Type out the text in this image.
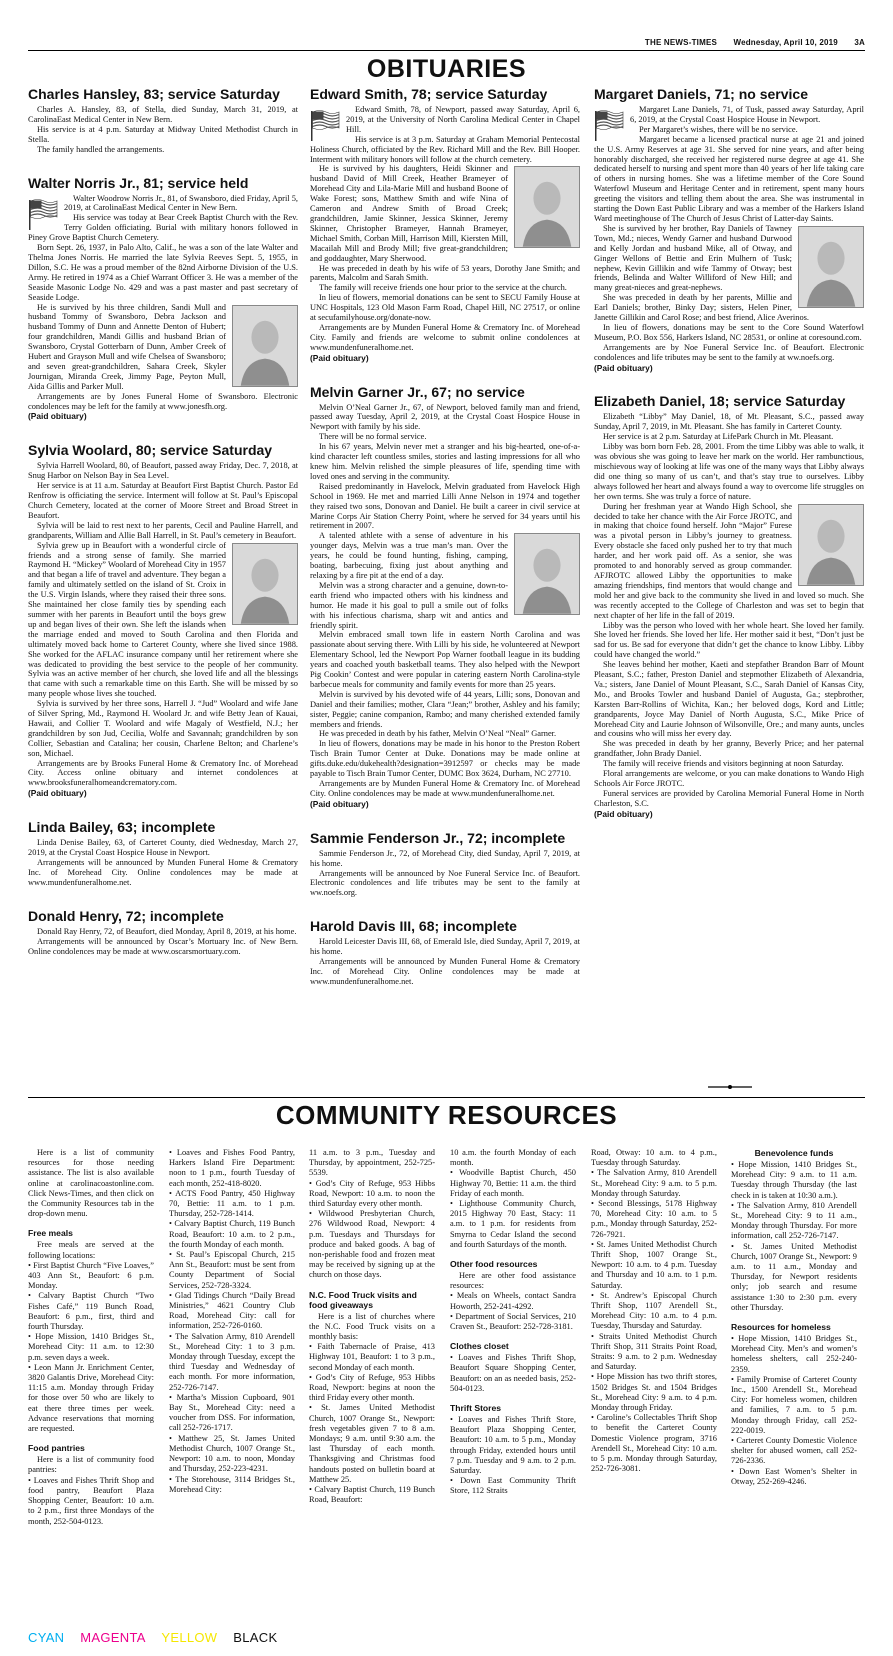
THE NEWS-TIMES Wednesday, April 10, 2019 3A
OBITUARIES
Charles Hansley, 83; service Saturday

Charles A. Hansley, 83, of Stella, died Sunday, March 31, 2019, at CarolinaEast Medical Center in New Bern.

His service is at 4 p.m. Saturday at Midway United Methodist Church in Stella.

The family handled the arrangements.

Walter Norris Jr., 81; service held

Walter Woodrow Norris Jr., 81, of Swansboro, died Friday, April 5, 2019, at CarolinaEast Medical Center in New Bern.

His service was today at Bear Creek Baptist Church with the Rev. Terry Golden officiating. Burial with military honors followed in Piney Grove Baptist Church Cemetery.

Born Sept. 26, 1937, in Palo Alto, Calif., he was a son of the late Walter and Thelma Jones Norris. He married the late Sylvia Reeves Sept. 5, 1955, in Dillon, S.C. He was a proud member of the 82nd Airborne Division of the U.S. Army. He retired in 1974 as a Chief Warrant Officer 3. He was a member of the Seaside Masonic Lodge No. 429 and was a past master and past secretary of Seaside Lodge.

He is survived by his three children, Sandi Mull and husband Tommy of Swansboro, Debra Jackson and husband Tommy of Dunn and Annette Denton of Hubert; four grandchildren, Mandi Gillis and husband Brian of Swansboro, Crystal Gotterbarn of Dunn, Amber Creek of Hubert and Grayson Mull and wife Chelsea of Swansboro; and seven great-grandchildren, Sahara Creek, Skyler Journigan, Miranda Creek, Jimmy Page, Peyton Mull, Aida Gillis and Parker Mull.

Arrangements are by Jones Funeral Home of Swansboro. Electronic condolences may be left for the family at www.jonesfh.org.

(Paid obituary)

Sylvia Woolard, 80; service Saturday

Sylvia Harrell Woolard, 80, of Beaufort, passed away Friday, Dec. 7, 2018, at Snug Harbor on Nelson Bay in Sea Level.

Her service is at 11 a.m. Saturday at Beaufort First Baptist Church. Pastor Ed Renfrow is officiating the service. Interment will follow at St. Paul’s Episcopal Church Cemetery, located at the corner of Moore Street and Broad Street in Beaufort.

Sylvia will be laid to rest next to her parents, Cecil and Pauline Harrell, and grandparents, William and Allie Ball Harrell, in St. Paul’s cemetery in Beaufort.

Sylvia grew up in Beaufort with a wonderful circle of friends and a strong sense of family. She married Raymond H. “Mickey” Woolard of Morehead City in 1957 and that began a life of travel and adventure. They began a family and ultimately settled on the island of St. Croix in the U.S. Virgin Islands, where they raised their three sons. She maintained her close family ties by spending each summer with her parents in Beaufort until the boys grew up and began lives of their own. She left the islands when the marriage ended and moved to South Carolina and then Florida and ultimately moved back home to Carteret County, where she lived since 1988. She worked for the AFLAC insurance company until her retirement where she was dedicated to providing the best service to the people of her community. Sylvia was an active member of her church, she loved life and all the blessings that came with such a remarkable time on this Earth. She will be missed by so many people whose lives she touched.

Sylvia is survived by her three sons, Harrell J. “Jud” Woolard and wife Jane of Silver Spring, Md., Raymond H. Woolard Jr. and wife Betty Jean of Kauai, Hawaii, and Collier T. Woolard and wife Magaly of Westfield, N.J.; her grandchildren by son Jud, Cecilia, Wolfe and Savannah; grandchildren by son Collier, Sebastian and Catalina; her cousin, Charlene Belton; and Charlene’s son, Michael.

Arrangements are by Brooks Funeral Home & Crematory Inc. of Morehead City. Access online obituary and internet condolences at www.brooksfuneralhomeandcrematory.com.

(Paid obituary)

Linda Bailey, 63; incomplete

Linda Denise Bailey, 63, of Carteret County, died Wednesday, March 27, 2019, at the Crystal Coast Hospice House in Newport.

Arrangements will be announced by Munden Funeral Home & Crematory Inc. of Morehead City. Online condolences may be made at www.mundenfuneralhome.net.

Donald Henry, 72; incomplete

Donald Ray Henry, 72, of Beaufort, died Monday, April 8, 2019, at his home.

Arrangements will be announced by Oscar’s Mortuary Inc. of New Bern. Online condolences may be made at www.oscarsmortuary.com.

Edward Smith, 78; service Saturday

Edward Smith, 78, of Newport, passed away Saturday, April 6, 2019, at the University of North Carolina Medical Center in Chapel Hill.

His service is at 3 p.m. Saturday at Graham Memorial Pentecostal Holiness Church, officiated by the Rev. Richard Mill and the Rev. Bill Hooper. Interment with military honors will follow at the church cemetery.

He is survived by his daughters, Heidi Skinner and husband David of Mill Creek, Heather Brameyer of Morehead City and Lila-Marie Mill and husband Boone of Wake Forest; sons, Matthew Smith and wife Nina of Cameron and Andrew Smith of Broad Creek; grandchildren, Jamie Skinner, Jessica Skinner, Jeremy Skinner, Christopher Brameyer, Hannah Brameyer, Michael Smith, Corban Mill, Harrison Mill, Kiersten Mill, Macailah Mill and Brody Mill; five great-grandchildren; and goddaughter, Mary Sherwood.

He was preceded in death by his wife of 53 years, Dorothy Jane Smith; and parents, Malcolm and Sarah Smith.

The family will receive friends one hour prior to the service at the church.

In lieu of flowers, memorial donations can be sent to SECU Family House at UNC Hospitals, 123 Old Mason Farm Road, Chapel Hill, NC 27517, or online at secufamilyhouse.org/donate-now.

Arrangements are by Munden Funeral Home & Crematory Inc. of Morehead City. Family and friends are welcome to submit online condolences at www.mundenfuneralhome.net.

(Paid obituary)

Melvin Garner Jr., 67; no service

Melvin O’Neal Garner Jr., 67, of Newport, beloved family man and friend, passed away Tuesday, April 2, 2019, at the Crystal Coast Hospice House in Newport with family by his side.

There will be no formal service.

In his 67 years, Melvin never met a stranger and his big-hearted, one-of-a-kind character left countless smiles, stories and lasting impressions for all who knew him. Melvin relished the simple pleasures of life, spending time with loved ones and serving in the community.

Raised predominantly in Havelock, Melvin graduated from Havelock High School in 1969. He met and married Lilli Anne Nelson in 1974 and together they raised two sons, Donovan and Daniel. He built a career in civil service at Marine Corps Air Station Cherry Point, where he served for 34 years until his retirement in 2007.

A talented athlete with a sense of adventure in his younger days, Melvin was a true man’s man. Over the years, he could be found hunting, fishing, camping, boating, barbecuing, fixing just about anything and relaxing by a fire pit at the end of a day.

Melvin was a strong character and a genuine, down-to-earth friend who impacted others with his kindness and humor. He made it his goal to pull a smile out of folks with his infectious charisma, sharp wit and antics and friendly spirit.

Melvin embraced small town life in eastern North Carolina and was passionate about serving there. With Lilli by his side, he volunteered at Newport Elementary School, led the Newport Pop Warner football league in its budding years and coached youth basketball teams. They also helped with the Newport Pig Cookin’ Contest and were popular in catering eastern North Carolina-style barbecue meals for community and family events for more than 25 years.

Melvin is survived by his devoted wife of 44 years, Lilli; sons, Donovan and Daniel and their families; mother, Clara “Jean;” brother, Ashley and his family; sister, Peggie; canine companion, Rambo; and many cherished extended family members and friends.

He was preceded in death by his father, Melvin O’Neal “Neal” Garner.

In lieu of flowers, donations may be made in his honor to the Preston Robert Tisch Brain Tumor Center at Duke. Donations may be made online at gifts.duke.edu/dukehealth?designation=3912597 or checks may be made payable to Tisch Brain Tumor Center, DUMC Box 3624, Durham, NC 27710.

Arrangements are by Munden Funeral Home & Crematory Inc. of Morehead City. Online condolences may be made at www.mundenfuneralhome.net.

(Paid obituary)

Sammie Fenderson Jr., 72; incomplete

Sammie Fenderson Jr., 72, of Morehead City, died Sunday, April 7, 2019, at his home.

Arrangements will be announced by Noe Funeral Service Inc. of Beaufort. Electronic condolences and life tributes may be sent to the family at ww.noefs.org.

Harold Davis III, 68; incomplete

Harold Leicester Davis III, 68, of Emerald Isle, died Sunday, April 7, 2019, at his home.

Arrangements will be announced by Munden Funeral Home & Crematory Inc. of Morehead City. Online condolences may be made at www.mundenfuneralhome.net.

Margaret Daniels, 71; no service

Margaret Lane Daniels, 71, of Tusk, passed away Saturday, April 6, 2019, at the Crystal Coast Hospice House in Newport.

Per Margaret’s wishes, there will be no service.

Margaret became a licensed practical nurse at age 21 and joined the U.S. Army Reserves at age 31. She served for nine years, and after being honorably discharged, she received her registered nurse degree at age 41. She dedicated herself to nursing and spent more than 40 years of her life taking care of others in nursing homes. She was a lifetime member of the Core Sound Waterfowl Museum and Heritage Center and in retirement, spent many hours greeting the visitors and telling them about the area. She was instrumental in starting the Down East Public Library and was a member of the Harkers Island Ward meetinghouse of The Church of Jesus Christ of Latter-day Saints.

She is survived by her brother, Ray Daniels of Tawney Town, Md.; nieces, Wendy Garner and husband Durwood and Kelly Jordan and husband Mike, all of Otway, and Ginger Wellons of Bettie and Erin Mulhern of Tusk; nephew, Kevin Gillikin and wife Tammy of Otway; best friends, Belinda and Walter Williford of New Hill; and many great-nieces and great-nephews.

She was preceded in death by her parents, Millie and Earl Daniels; brother, Binky Day; sisters, Helen Piner, Janette Gillikin and Carol Rose; and best friend, Alice Averinos.

In lieu of flowers, donations may be sent to the Core Sound Waterfowl Museum, P.O. Box 556, Harkers Island, NC 28531, or online at coresound.com.

Arrangements are by Noe Funeral Service Inc. of Beaufort. Electronic condolences and life tributes may be sent to the family at ww.noefs.org.

(Paid obituary)

Elizabeth Daniel, 18; service Saturday

Elizabeth “Libby” May Daniel, 18, of Mt. Pleasant, S.C., passed away Sunday, April 7, 2019, in Mt. Pleasant. She has family in Carteret County.

Her service is at 2 p.m. Saturday at LifePark Church in Mt. Pleasant.

Libby was born born Feb. 28, 2001. From the time Libby was able to walk, it was obvious she was going to leave her mark on the world. Her rambunctious, mischievous way of looking at life was one of the many ways that Libby always did one thing so many of us can’t, and that’s stay true to ourselves. Libby always followed her heart and always found a way to overcome life struggles on her own terms. She was truly a force of nature.

During her freshman year at Wando High School, she decided to take her chance with the Air Force JROTC, and in making that choice found herself. John “Major” Furese was a pivotal person in Libby’s journey to greatness. Every obstacle she faced only pushed her to try that much harder, and her work paid off. As a senior, she was promoted to and honorably served as group commander. AFJROTC allowed Libby the opportunities to make amazing friendships, find mentors that would change and mold her and give back to the community she lived in and loved so much. She was recently accepted to the College of Charleston and was set to begin that next chapter of her life in the fall of 2019.

Libby was the person who loved with her whole heart. She loved her family. She loved her friends. She loved her life. Her mother said it best, “Don’t just be sad for us. Be sad for everyone that didn’t get the chance to know Libby. Libby could have changed the world.”

She leaves behind her mother, Kaeti and stepfather Brandon Barr of Mount Pleasant, S.C.; father, Preston Daniel and stepmother Elizabeth of Alexandria, Va.; sisters, Jane Daniel of Mount Pleasant, S.C., Sarah Daniel of Kansas City, Mo., and Brooks Towler and husband Daniel of Augusta, Ga.; stepbrother, Karsten Barr-Rollins of Wichita, Kan.; her beloved dogs, Kord and Little; grandparents, Joyce May Daniel of North Augusta, S.C., Mike Price of Morehead City and Laurie Johnson of Wilsonville, Ore.; and many aunts, uncles and cousins who will miss her every day.

She was preceded in death by her granny, Beverly Price; and her paternal grandfather, John Brady Daniel.

The family will receive friends and visitors beginning at noon Saturday.

Floral arrangements are welcome, or you can make donations to Wando High Schools Air Force JROTC.

Funeral services are provided by Carolina Memorial Funeral Home in North Charleston, S.C.

(Paid obituary)

COMMUNITY RESOURCES

Here is a list of community resources for those needing assistance. The list is also available online at carolinacoastonline.com. Click News-Times, and then click on the Community Resources tab in the drop-down menu.

Free meals

Free meals are served at the following locations:

• First Baptist Church “Five Loaves,” 403 Ann St., Beaufort: 6 p.m. Monday.

• Calvary Baptist Church “Two Fishes Café,” 119 Bunch Road, Beaufort: 6 p.m., first, third and fourth Thursday.

• Hope Mission, 1410 Bridges St., Morehead City: 11 a.m. to 12:30 p.m. seven days a week.

• Leon Mann Jr. Enrichment Center, 3820 Galantis Drive, Morehead City: 11:15 a.m. Monday through Friday for those over 50 who are likely to eat there three times per week. Advance reservations that morning are requested.

Food pantries

Here is a list of community food pantries:

• Loaves and Fishes Thrift Shop and food pantry, Beaufort Plaza Shopping Center, Beaufort: 10 a.m. to 2 p.m., first three Mondays of the month, 252-504-0123.

• Loaves and Fishes Food Pantry, Harkers Island Fire Department: noon to 1 p.m., fourth Tuesday of each month, 252-418-8020.

• ACTS Food Pantry, 450 Highway 70, Bettie: 11 a.m. to 1 p.m. Thursday, 252-728-1414.

• Calvary Baptist Church, 119 Bunch Road, Beaufort: 10 a.m. to 2 p.m., the fourth Monday of each month.

• St. Paul’s Episcopal Church, 215 Ann St., Beaufort: must be sent from County Department of Social Services, 252-728-3324.

• Glad Tidings Church “Daily Bread Ministries,” 4621 Country Club Road, Morehead City: call for information, 252-726-0160.

• The Salvation Army, 810 Arendell St., Morehead City: 1 to 3 p.m. Monday through Tuesday, except the third Tuesday and Wednesday of each month. For more information, 252-726-7147.

• Martha’s Mission Cupboard, 901 Bay St., Morehead City: need a voucher from DSS. For information, call 252-726-1717.

• Matthew 25, St. James United Methodist Church, 1007 Orange St., Newport: 10 a.m. to noon, Monday and Thursday, 252-223-4231.

• The Storehouse, 3114 Bridges St., Morehead City:

11 a.m. to 3 p.m., Tuesday and Thursday, by appointment, 252-725-5539.

• God’s City of Refuge, 953 Hibbs Road, Newport: 10 a.m. to noon the third Saturday every other month.

• Wildwood Presbyterian Church, 276 Wildwood Road, Newport: 4 p.m. Tuesdays and Thursdays for produce and baked goods. A bag of non-perishable food and frozen meat may be received by signing up at the church on those days.

N.C. Food Truck visits and food giveaways

Here is a list of churches where the N.C. Food Truck visits on a monthly basis:

• Faith Tabernacle of Praise, 413 Highway 101, Beaufort: 1 to 3 p.m., second Monday of each month.

• God’s City of Refuge, 953 Hibbs Road, Newport: begins at noon the third Friday every other month.

• St. James United Methodist Church, 1007 Orange St., Newport: fresh vegetables given 7 to 8 a.m. Mondays; 9 a.m. until 9:30 a.m. the last Thursday of each month. Thanksgiving and Christmas food handouts posted on bulletin board at Matthew 25.

• Calvary Baptist Church, 119 Bunch Road, Beaufort:

10 a.m. the fourth Monday of each month.

• Woodville Baptist Church, 450 Highway 70, Bettie: 11 a.m. the third Friday of each month.

• Lighthouse Community Church, 2015 Highway 70 East, Stacy: 11 a.m. to 1 p.m. for residents from Smyrna to Cedar Island the second and fourth Saturdays of the month.

Other food resources

Here are other food assistance resources:

• Meals on Wheels, contact Sandra Howorth, 252-241-4292.

• Department of Social Services, 210 Craven St., Beaufort: 252-728-3181.

Clothes closet

• Loaves and Fishes Thrift Shop, Beaufort Square Shopping Center, Beaufort: on an as needed basis, 252-504-0123.

Thrift Stores

• Loaves and Fishes Thrift Store, Beaufort Plaza Shopping Center, Beaufort: 10 a.m. to 5 p.m., Monday through Friday, extended hours until 7 p.m. Tuesday and 9 a.m. to 2 p.m. Saturday.

• Down East Community Thrift Store, 112 Straits

Road, Otway: 10 a.m. to 4 p.m., Tuesday through Saturday.

• The Salvation Army, 810 Arendell St., Morehead City: 9 a.m. to 5 p.m. Monday through Saturday.

• Second Blessings, 5178 Highway 70, Morehead City: 10 a.m. to 5 p.m., Monday through Saturday, 252-726-7921.

• St. James United Methodist Church Thrift Shop, 1007 Orange St., Newport: 10 a.m. to 4 p.m. Tuesday and Thursday and 10 a.m. to 1 p.m. Saturday.

• St. Andrew’s Episcopal Church Thrift Shop, 1107 Arendell St., Morehead City: 10 a.m. to 4 p.m. Tuesday, Thursday and Saturday.

• Straits United Methodist Church Thrift Shop, 311 Straits Point Road, Straits: 9 a.m. to 2 p.m. Wednesday and Saturday.

• Hope Mission has two thrift stores, 1502 Bridges St. and 1504 Bridges St., Morehead City: 9 a.m. to 4 p.m. Monday through Friday.

• Caroline’s Collectables Thrift Shop to benefit the Carteret County Domestic Violence program, 3716 Arendell St., Morehead City: 10 a.m. to 5 p.m. Monday through Saturday, 252-726-3081.

Benevolence funds

• Hope Mission, 1410 Bridges St., Morehead City: 9 a.m. to 11 a.m. Tuesday through Thursday (the last check in is taken at 10:30 a.m.).

• The Salvation Army, 810 Arendell St., Morehead City: 9 to 11 a.m., Monday through Thursday. For more information, call 252-726-7147.

• St. James United Methodist Church, 1007 Orange St., Newport: 9 a.m. to 11 a.m., Monday and Thursday, for Newport residents only; job search and resume assistance 1:30 to 2:30 p.m. every other Thursday.

Resources for homeless

• Hope Mission, 1410 Bridges St., Morehead City. Men’s and women’s homeless shelters, call 252-240-2359.

• Family Promise of Carteret County Inc., 1500 Arendell St., Morehead City: For homeless women, children and families, 7 a.m. to 5 p.m. Monday through Friday, call 252-222-0019.

• Carteret County Domestic Violence shelter for abused women, call 252-726-2336.

• Down East Women’s Shelter in Otway, 252-269-4246.

CYAN MAGENTA YELLOW BLACK
